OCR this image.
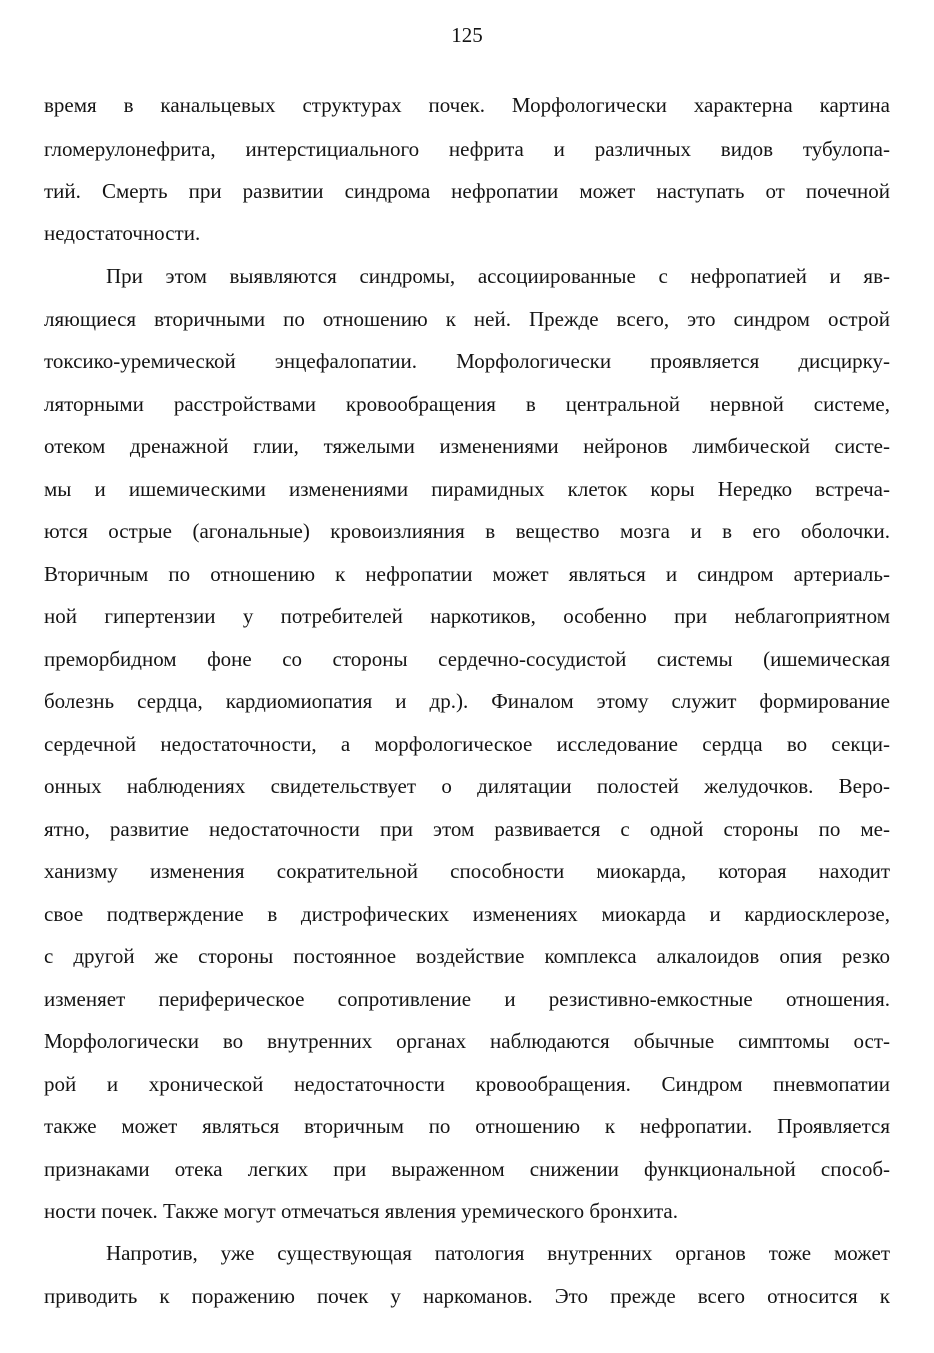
125
время в канальцевых структурах почек. Морфологически характерна картина
гломерулонефрита, интерстициального нефрита и различных видов тубулопа-
тий. Смерть при развитии синдрома нефропатии может наступать от почечной
недостаточности.
При этом выявляются синдромы, ассоциированные с нефропатией и яв-
ляющиеся вторичными по отношению к ней. Прежде всего, это синдром острой
токсико-уремической энцефалопатии. Морфологически проявляется дисцирку-
ляторными расстройствами кровообращения в центральной нервной системе,
отеком дренажной глии, тяжелыми изменениями нейронов лимбической систе-
мы и ишемическими изменениями пирамидных клеток коры Нередко встреча-
ются острые (агональные) кровоизлияния в вещество мозга и в его оболочки.
Вторичным по отношению к нефропатии может являться и синдром артериаль-
ной гипертензии у потребителей наркотиков, особенно при неблагоприятном
преморбидном фоне со стороны сердечно-сосудистой системы (ишемическая
болезнь сердца, кардиомиопатия и др.). Финалом этому служит формирование
сердечной недостаточности, а морфологическое исследование сердца во секци-
онных наблюдениях свидетельствует о дилятации полостей желудочков. Веро-
ятно, развитие недостаточности при этом развивается с одной стороны по ме-
ханизму изменения сократительной способности миокарда, которая находит
свое подтверждение в дистрофических изменениях миокарда и кардиосклерозе,
с другой же стороны постоянное воздействие комплекса алкалоидов опия резко
изменяет периферическое сопротивление и резистивно-емкостные отношения.
Морфологически во внутренних органах наблюдаются обычные симптомы ост-
рой и хронической недостаточности кровообращения. Синдром пневмопатии
также может являться вторичным по отношению к нефропатии. Проявляется
признаками отека легких при выраженном снижении функциональной способ-
ности почек. Также могут отмечаться явления уремического бронхита.
Напротив, уже существующая патология внутренних органов тоже может
приводить к поражению почек у наркоманов. Это прежде всего относится к
